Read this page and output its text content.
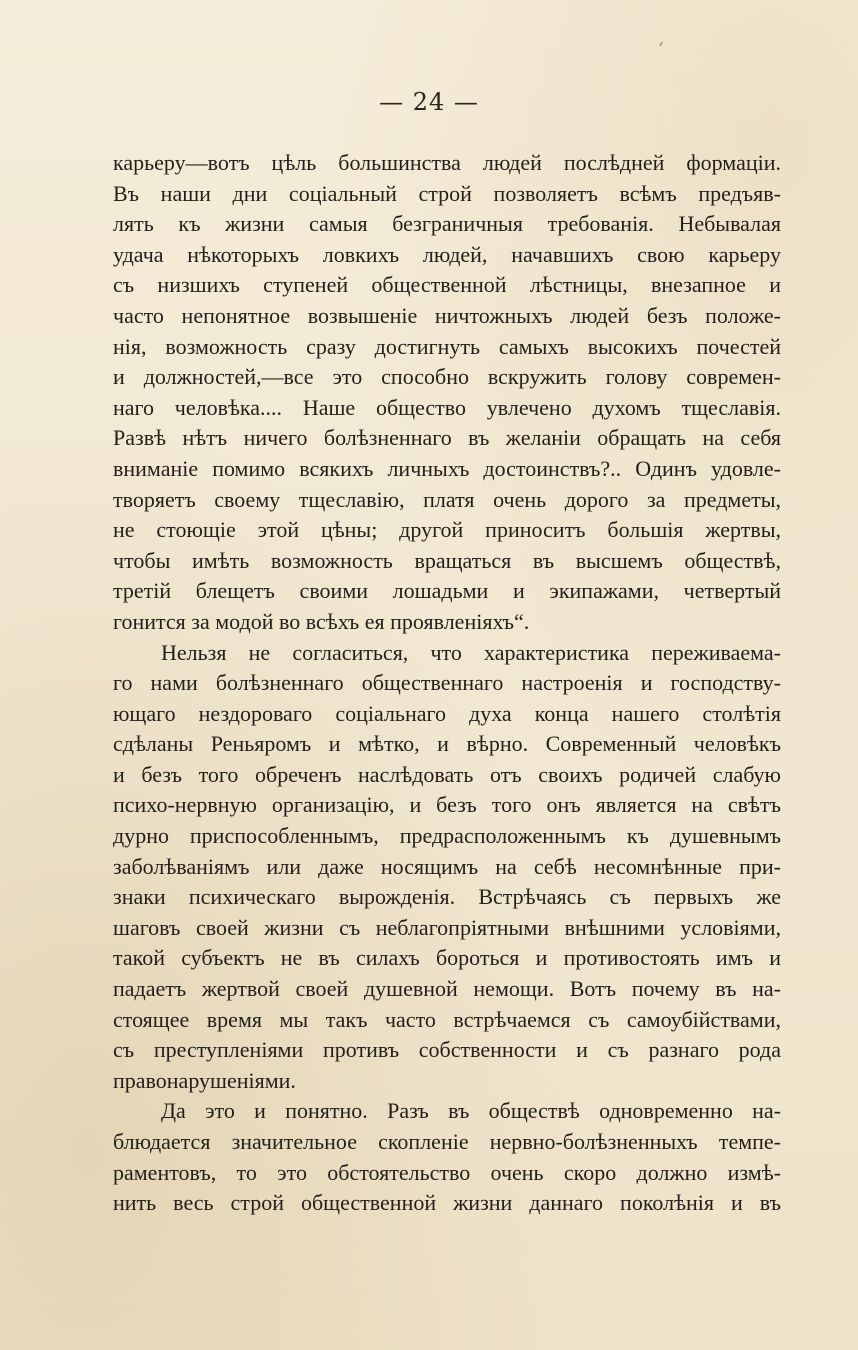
— 24 —
карьеру—вотъ цѣль большинства людей послѣдней формаціи.
Въ наши дни соціальный строй позволяетъ всѣмъ предъяв-
лять къ жизни самыя безграничныя требованія. Небывалая
удача нѣкоторыхъ ловкихъ людей, начавшихъ свою карьеру
съ низшихъ ступеней общественной лѣстницы, внезапное и
часто непонятное возвышеніе ничтожныхъ людей безъ положе-
нія, возможность сразу достигнуть самыхъ высокихъ почестей
и должностей,—все это способно вскружить голову современ-
наго человѣка.... Наше общество увлечено духомъ тщеславія.
Развѣ нѣтъ ничего болѣзненнаго въ желаніи обращать на себя
вниманіе помимо всякихъ личныхъ достоинствъ?.. Одинъ удовле-
творяетъ своему тщеславію, платя очень дорого за предметы,
не стоющіе этой цѣны; другой приноситъ большія жертвы,
чтобы имѣть возможность вращаться въ высшемъ обществѣ,
третій блещетъ своими лошадьми и экипажами, четвертый
гонится за модой во всѣхъ ея проявленіяхъ“.
Нельзя не согласиться, что характеристика переживаема-
го нами болѣзненнаго общественнаго настроенія и господству-
ющаго нездороваго соціальнаго духа конца нашего столѣтія
сдѣланы Реньяромъ и мѣтко, и вѣрно. Современный человѣкъ
и безъ того обреченъ наслѣдовать отъ своихъ родичей слабую
психо-нервную организацію, и безъ того онъ является на свѣтъ
дурно приспособленнымъ, предрасположеннымъ къ душевнымъ
заболѣваніямъ или даже носящимъ на себѣ несомнѣнные при-
знаки психическаго вырожденія. Встрѣчаясь съ первыхъ же
шаговъ своей жизни съ неблагопріятными внѣшними условіями,
такой субъектъ не въ силахъ бороться и противостоять имъ и
падаетъ жертвой своей душевной немощи. Вотъ почему въ на-
стоящее время мы такъ часто встрѣчаемся съ самоубійствами,
съ преступленіями противъ собственности и съ разнаго рода
правонарушеніями.
Да это и понятно. Разъ въ обществѣ одновременно на-
блюдается значительное скопленіе нервно-болѣзненныхъ темпе-
раментовъ, то это обстоятельство очень скоро должно измѣ-
нить весь строй общественной жизни даннаго поколѣнія и въ
